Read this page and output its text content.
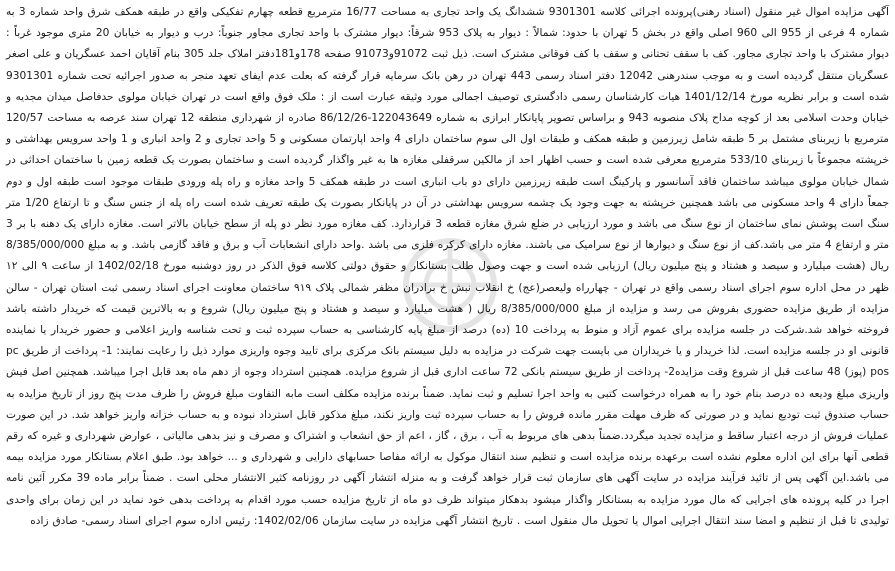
آگهی مزایده اموال غیر منقول (اسناد رهنی)پرونده اجرائی کلاسه 9301301 ششدانگ یک واحد تجاری به مساحت 16/77 مترمربع قطعه چهارم تفکیکی واقع در طبقه همکف شرق واحد شماره 3 به شماره 4 فرعی از 955 الی 960 اصلی واقع در بخش 5 تهران با حدود: شمالاً : دیوار به پلاک 953 شرقاً: دیوار مشترک با واحد تجاری مجاور جنوباً: درب و دیوار به خیابان 20 متری موجود غرباً : دیوار مشترک با واحد تجاری مجاور. کف با سقف تحتانی و سقف با کف فوقانی مشترک است. ذیل ثبت 91072و91073 صفحه 178و181دفتر املاک جلد 305 بنام آقایان احمد عسگریان و علی اصغر عسگریان منتقل گردیده است و به موجب سندرهنی 12042 دفتر اسناد رسمی 443 تهران در رهن بانک سرمایه قرار گرفته که بعلت عدم ایفای تعهد منجر به صدور اجرائیه تحت شماره 9301301 شده است و برابر نظریه مورخ 1401/12/14 هیات کارشناسان رسمی دادگستری توصیف اجمالی مورد وثیقه عبارت است از : ملک فوق واقع است در تهران خیابان مولوی حدفاصل میدان مجدیه و خیابان وحدت اسلامی بعد از کوچه مداح پلاک منصوبه 943 و براساس تصویر پایانکار ابرازی به شماره 122043649-86/12/26 صادره از شهرداری منطقه 12 تهران سند عرصه به مساحت 120/57 مترمربع با زیربنای مشتمل بر 5 طبقه شامل زیرزمین و طبقه همکف و طبقات اول الی سوم ساختمان دارای 4 واحد اپارتمان مسکونی و 5 واحد تجاری و 2 واحد انباری و 1 واحد سرویس بهداشتی و خرپشته مجموعاً با زیربنای 533/10 مترمربع معرفی شده است و حسب اظهار احد از مالکین سرقفلی مغازه ها به غیر واگذار گردیده است و ساختمان بصورت یک قطعه زمین با ساختمان احداثی در شمال خیابان مولوی میباشد ساختمان فاقد آسانسور و پارکینگ است طبقه زیرزمین دارای دو باب انباری است در طبقه همکف 5 واحد مغازه و راه پله ورودی طبقات موجود است طبقه اول و دوم جمعاً دارای 4 واحد مسکونی می باشد همچنین خرپشته به جهت وجود یک چشمه سرویس بهداشتی در آن در پایانکار بصورت یک طبقه تعریف شده است راه پله از جنس سنگ و تا ارتفاع 1/20 متر سنگ است پوشش نمای ساختمان از نوع سنگ می باشد و مورد ارزیابی در ضلع شرق مغازه قطعه 3 قراردارد. کف مغازه مورد نظر دو پله از سطح خیابان بالاتر است. مغازه دارای یک دهنه با بر 3 متر و ارتفاع 4 متر می باشد.کف از نوع سنگ و دیوارها از نوع سرامیک می باشند. مغازه دارای کرکره فلزی می باشد .واحد دارای انشعابات آب و برق و فاقد گازمی باشد. و به مبلغ 8/385/000/000 ریال (هشت میلیارد و سیصد و هشتاد و پنج میلیون ریال) ارزیابی شده است و جهت وصول طلب بستانکار و حقوق دولتی کلاسه فوق الذکر در روز دوشنبه مورخ 1402/02/18 از ساعت ۹ الی ۱۲ ظهر در محل اداره سوم اجرای اسناد رسمی واقع در تهران - چهارراه ولیعصر(عج) خ انقلاب نبش خ برادران مظفر شمالی پلاک ۹۱۹ ساختمان معاونت اجرای اسناد رسمی ثبت استان تهران - سالن مزایده از طریق مزایده حضوری بفروش می رسد و مزایده از مبلغ 8/385/000/000 ریال ( هشت میلیارد و سیصد و هشتاد و پنج میلیون ریال) شروع و به بالاترین قیمت که خریدار داشته باشد فروخته خواهد شد.شرکت در جلسه مزایده برای عموم آزاد و منوط به پرداخت 10 (ده) درصد از مبلغ پایه کارشناسی به حساب سپرده ثبت و تحت شناسه واریز اعلامی و حضور خریدار یا نماینده قانونی او در جلسه مزایده است. لذا خریدار و یا خریداران می بایست جهت شرکت در مزایده به دلیل سیستم بانک مرکزی برای تایید وجوه واریزی موارد ذیل را رعایت نمایند: 1- پرداخت از طریق pc pos (پوز) 48 ساعت قبل از شروع وقت مزایده2- پرداخت از طریق سیستم بانکی 72 ساعت اداری قبل از شروع مزایده. همچنین استرداد وجوه از دهم ماه بعد قابل اجرا میباشد. همچنین اصل فیش واریزی مبلغ ودیعه ده درصد بنام خود را به همراه درخواست کتبی به واحد اجرا تسلیم و ثبت نماید. ضمناً برنده مزایده مکلف است مابه التفاوت مبلغ فروش را ظرف مدت پنج روز از تاریخ مزایده به حساب صندوق ثبت تودیع نماید و در صورتی که ظرف مهلت مقرر مانده فروش را به حساب سپرده ثبت واریز نکند، مبلغ مذکور قابل استرداد نبوده و به حساب خزانه واریز خواهد شد. در این صورت عملیات فروش از درجه اعتبار ساقط و مزایده تجدید میگردد.ضمناً بدهی های مربوط به آب ، برق ، گاز ، اعم از حق انشعاب و اشتراک و مصرف و نیز بدهی مالیاتی ، عوارض شهرداری و غیره که رقم قطعی آنها برای این اداره معلوم نشده است برعهده برنده مزایده است و تنظیم سند انتقال موکول به ارائه مفاصا حسابهای دارایی و شهرداری و ... خواهد بود. طبق اعلام بستانکار مورد مزایده بیمه می باشد.این آگهی پس از تائید فرآیند مزایده در سایت آگهی های سازمان ثبت قرار خواهد گرفت و به منزله انتشار آگهی در روزنامه کثیر الانتشار محلی است . ضمناً برابر ماده 39 مکرر آئین نامه اجرا در کلیه پرونده های اجرایی که مال مورد مزایده به بستانکار واگذار میشود بدهکار میتواند ظرف دو ماه از تاریخ مزایده حسب مورد اقدام به پرداخت بدهی خود نماید در این زمان برای واحدی تولیدی تا قبل از تنظیم و امضا سند انتقال اجرایی اموال یا تحویل مال منقول است . تاریخ انتشار آگهی مزایده در سایت سازمان 1402/02/06: رئیس اداره سوم اجرای اسناد رسمی- صادق زاده
